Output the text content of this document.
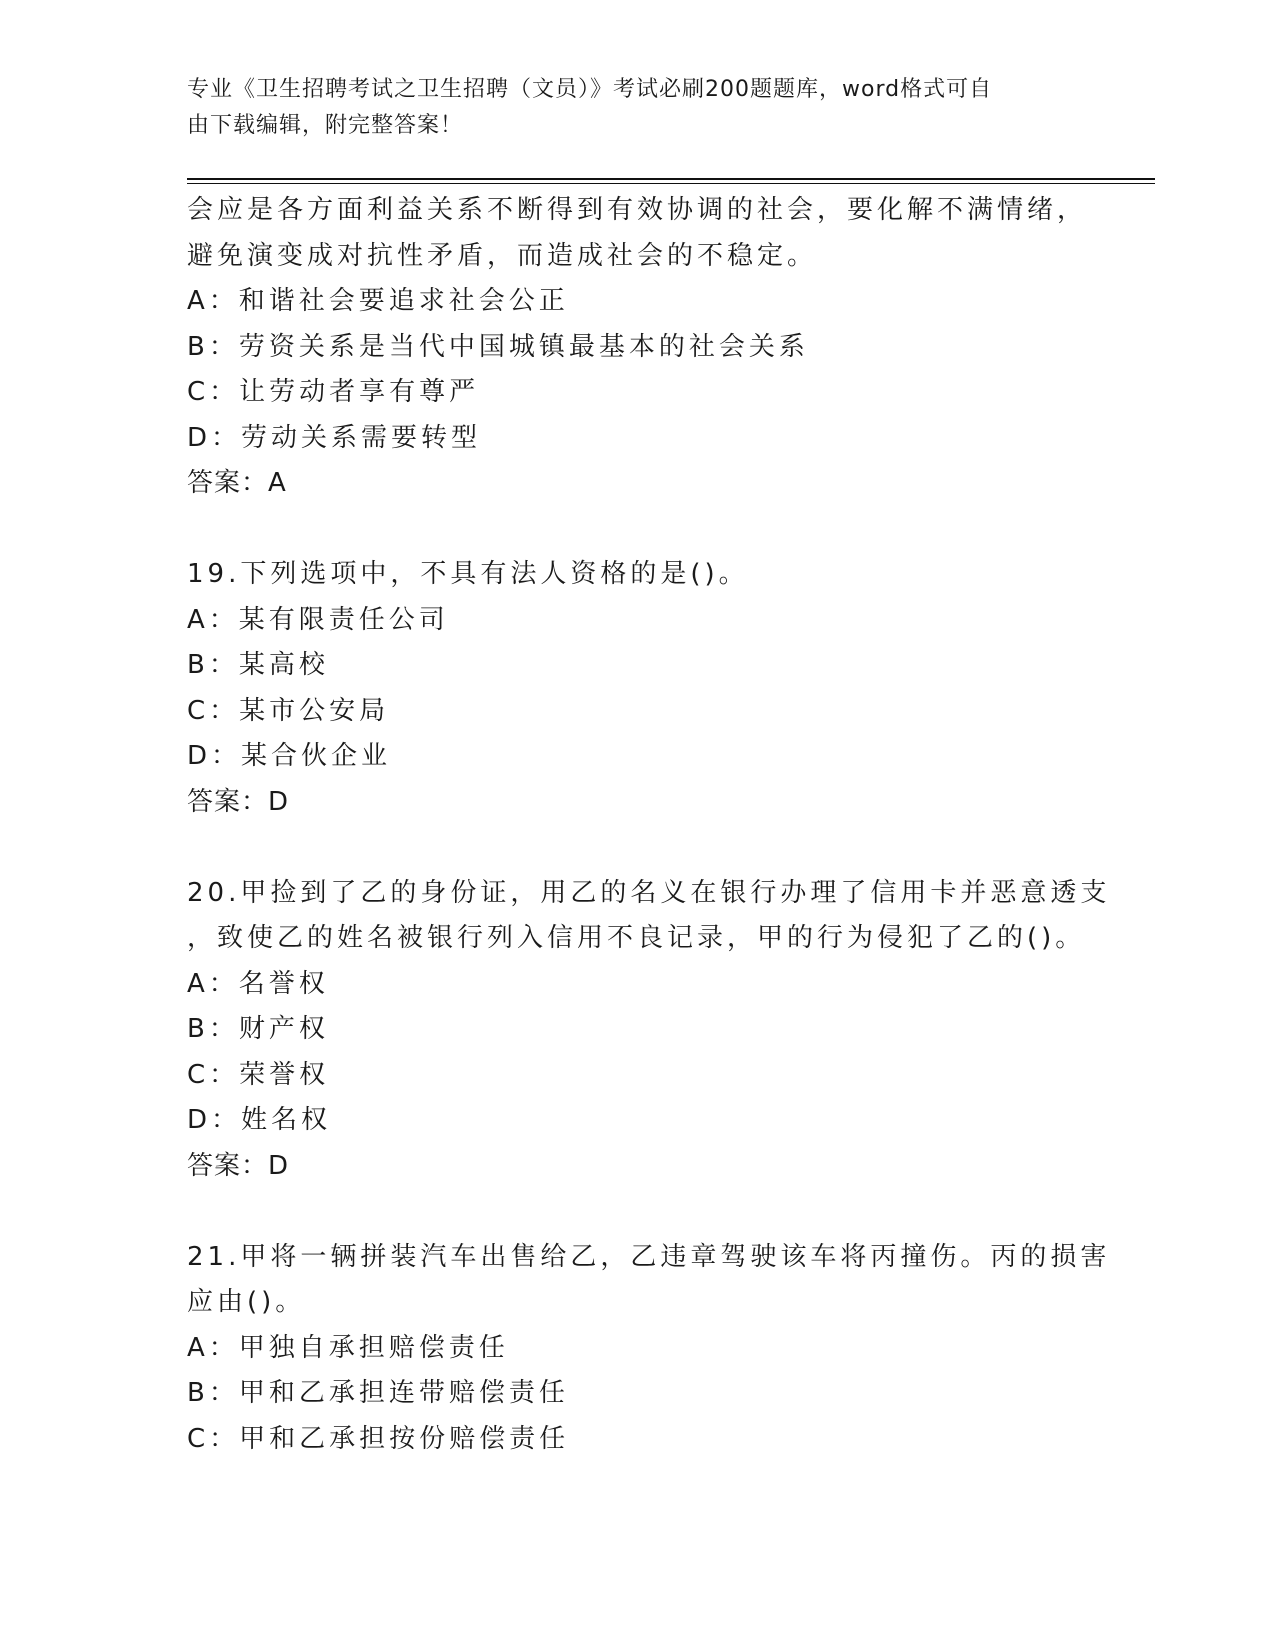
专业《卫生招聘考试之卫生招聘（文员）》考试必刷200题题库，word格式可自
由下载编辑，附完整答案！
会应是各方面利益关系不断得到有效协调的社会，要化解不满情绪，
避免演变成对抗性矛盾，而造成社会的不稳定。
A：和谐社会要追求社会公正
B：劳资关系是当代中国城镇最基本的社会关系
C：让劳动者享有尊严
D：劳动关系需要转型
答案：A
19.下列选项中，不具有法人资格的是()。
A：某有限责任公司
B：某高校
C：某市公安局
D：某合伙企业
答案：D
20.甲捡到了乙的身份证，用乙的名义在银行办理了信用卡并恶意透支
，致使乙的姓名被银行列入信用不良记录，甲的行为侵犯了乙的()。
A：名誉权
B：财产权
C：荣誉权
D：姓名权
答案：D
21.甲将一辆拼装汽车出售给乙，乙违章驾驶该车将丙撞伤。丙的损害
应由()。
A：甲独自承担赔偿责任
B：甲和乙承担连带赔偿责任
C：甲和乙承担按份赔偿责任
